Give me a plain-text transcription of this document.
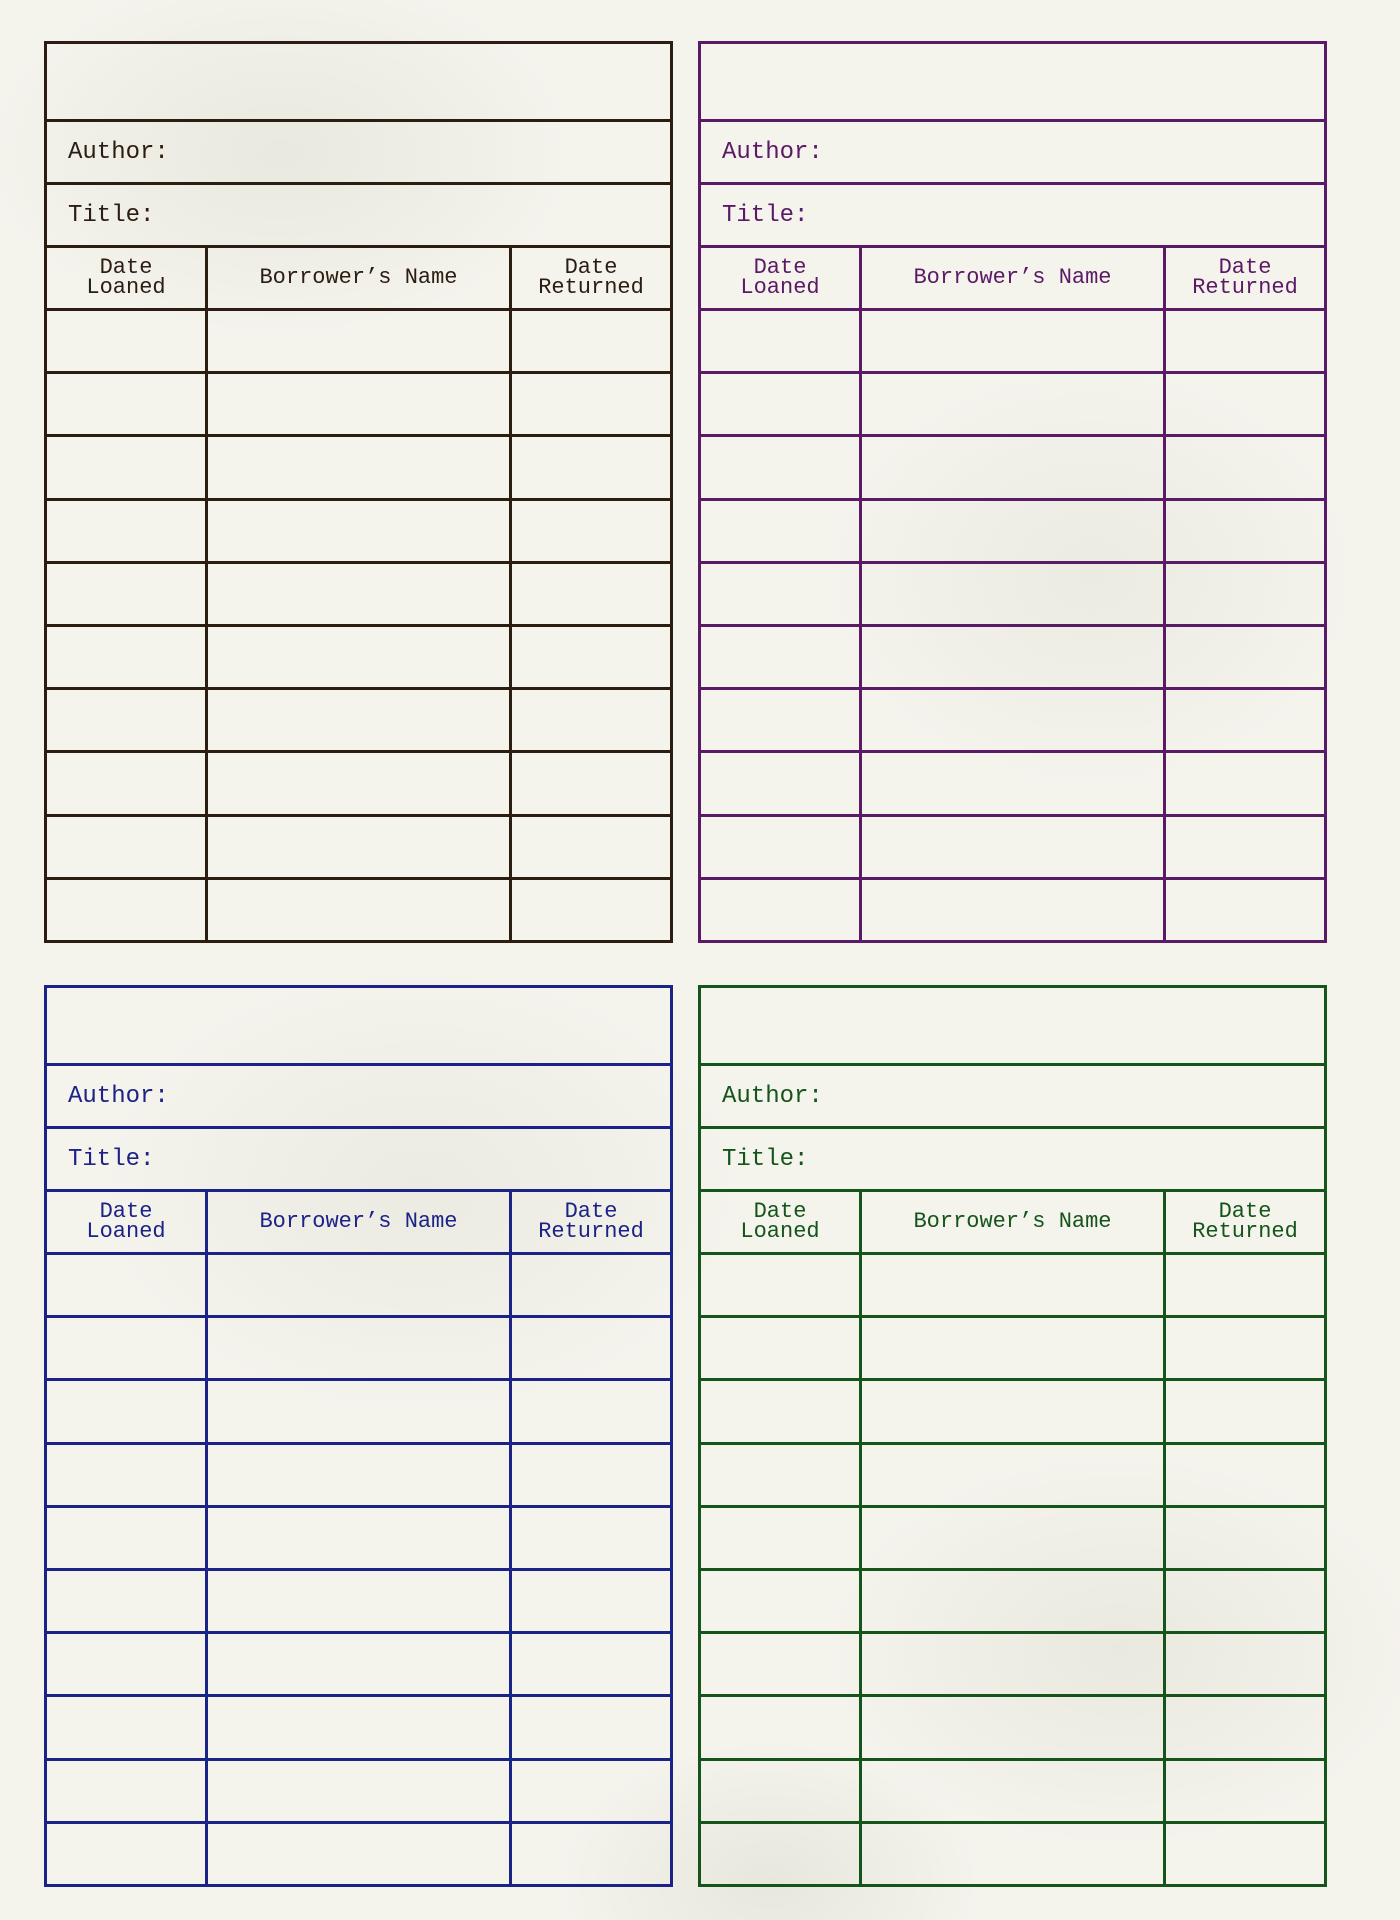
Author:
Title:
Date
Loaned	Borrower’s Name	Date
Returned
Author:
Title:
Date
Loaned	Borrower’s Name	Date
Returned
Author:
Title:
Date
Loaned	Borrower’s Name	Date
Returned
Author:
Title:
Date
Loaned	Borrower’s Name	Date
Returned
